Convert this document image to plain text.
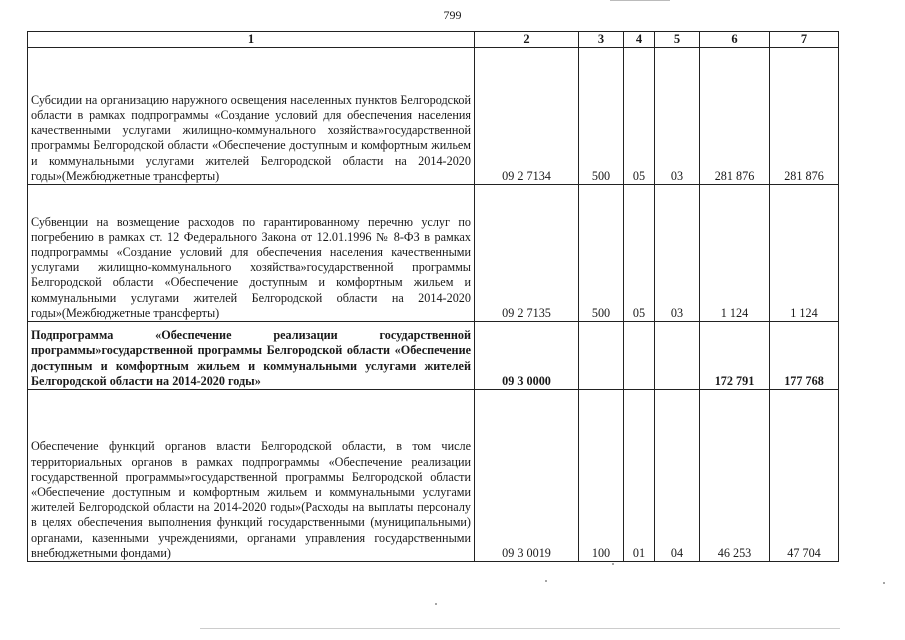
799
1	2	3	4	5	6	7
Субсидии на организацию наружного освещения населенных пунктов Белгородской области в рамках подпрограммы «Создание условий для обеспечения населения качественными услугами жилищно-коммунального хозяйства»государственной программы Белгородской области «Обеспечение доступным и комфортным жильем и коммунальными услугами жителей Белгородской области на 2014-2020 годы»(Межбюджетные трансферты)	09 2 7134	500	05	03	281 876	281 876
Субвенции на возмещение расходов по гарантированному перечню услуг по погребению в рамках ст. 12 Федерального Закона от 12.01.1996 № 8-ФЗ в рамках подпрограммы «Создание условий для обеспечения населения качественными услугами жилищно-коммунального хозяйства»государственной программы Белгородской области «Обеспечение доступным и комфортным жильем и коммунальными услугами жителей Белгородской области на 2014-2020 годы»(Межбюджетные трансферты)	09 2 7135	500	05	03	1 124	1 124
Подпрограмма «Обеспечение реализации государственной программы»государственной программы Белгородской области «Обеспечение доступным и комфортным жильем и коммунальными услугами жителей Белгородской области на 2014-2020 годы»	09 3 0000				172 791	177 768
Обеспечение функций органов власти Белгородской области, в том числе территориальных органов в рамках подпрограммы «Обеспечение реализации государственной программы»государственной программы Белгородской области «Обеспечение доступным и комфортным жильем и коммунальными услугами жителей Белгородской области на 2014-2020 годы»(Расходы на выплаты персоналу в целях обеспечения выполнения функций государственными (муниципальными) органами, казенными учреждениями, органами управления государственными внебюджетными фондами)	09 3 0019	100	01	04	46 253	47 704
